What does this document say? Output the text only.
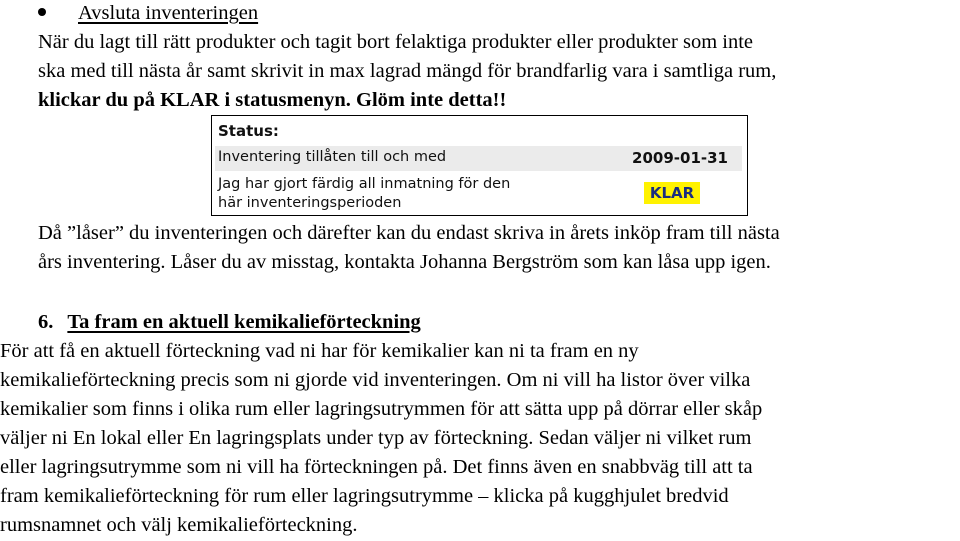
Avsluta inventeringen
När du lagt till rätt produkter och tagit bort felaktiga produkter eller produkter som inte
ska med till nästa år samt skrivit in max lagrad mängd för brandfarlig vara i samtliga rum,
klickar du på KLAR i statusmenyn. Glöm inte detta!!
Status:
Inventering tillåten till och med	2009-01-31
Jag har gjort färdig all inmatning för den
här inventeringsperioden
KLAR
Då ”låser” du inventeringen och därefter kan du endast skriva in årets inköp fram till nästa
års inventering. Låser du av misstag, kontakta Johanna Bergström som kan låsa upp igen.
6. Ta fram en aktuell kemikalieförteckning
För att få en aktuell förteckning vad ni har för kemikalier kan ni ta fram en ny
kemikalieförteckning precis som ni gjorde vid inventeringen. Om ni vill ha listor över vilka
kemikalier som finns i olika rum eller lagringsutrymmen för att sätta upp på dörrar eller skåp
väljer ni En lokal eller En lagringsplats under typ av förteckning. Sedan väljer ni vilket rum
eller lagringsutrymme som ni vill ha förteckningen på. Det finns även en snabbväg till att ta
fram kemikalieförteckning för rum eller lagringsutrymme – klicka på kugghjulet bredvid
rumsnamnet och välj kemikalieförteckning.
